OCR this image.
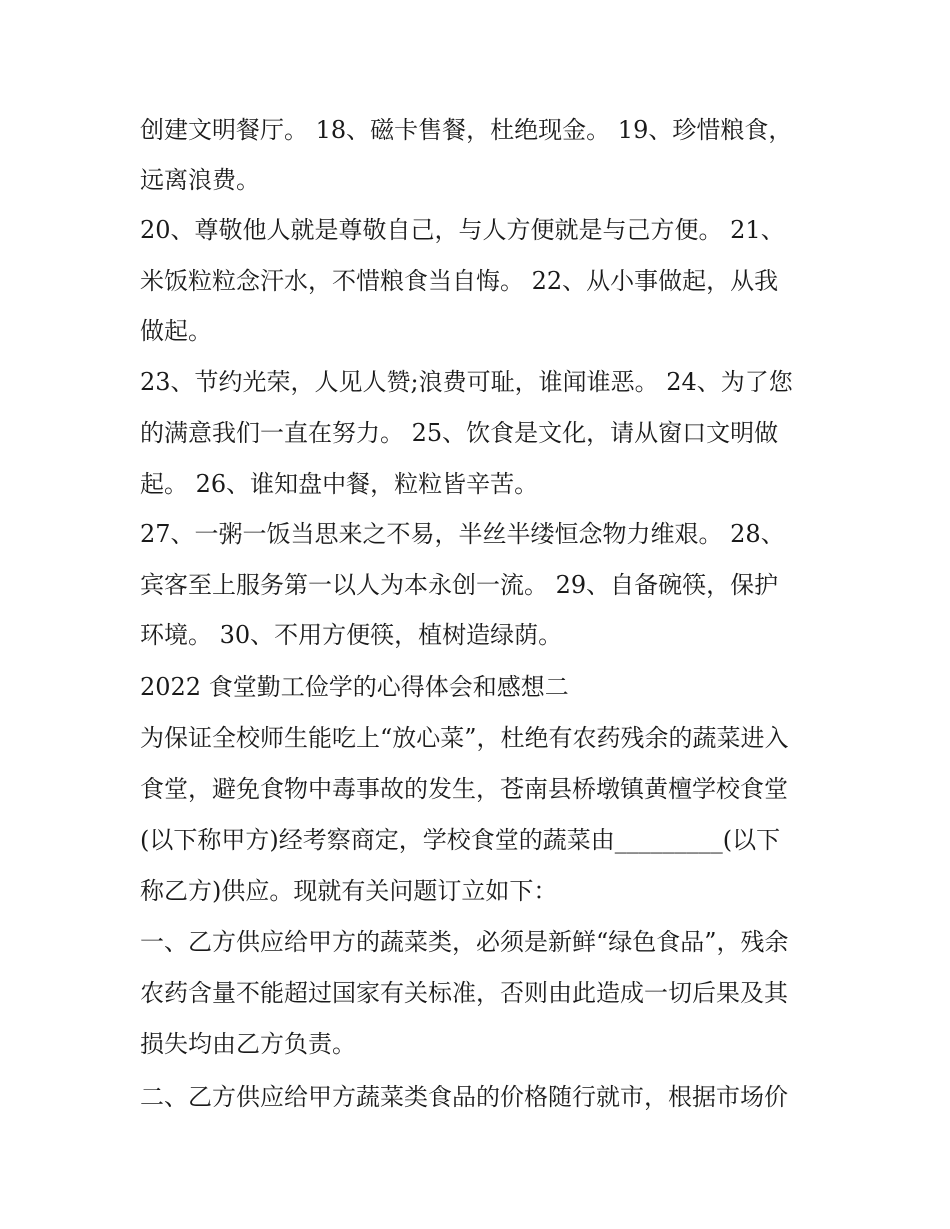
创建文明餐厅。 18、磁卡售餐，杜绝现金。 19、珍惜粮食，
远离浪费。
20、尊敬他人就是尊敬自己，与人方便就是与己方便。 21、
米饭粒粒念汗水，不惜粮食当自悔。 22、从小事做起，从我
做起。
23、节约光荣，人见人赞;浪费可耻，谁闻谁恶。 24、为了您
的满意我们一直在努力。 25、饮食是文化，请从窗口文明做
起。 26、谁知盘中餐，粒粒皆辛苦。
27、一粥一饭当思来之不易，半丝半缕恒念物力维艰。 28、
宾客至上服务第一以人为本永创一流。 29、自备碗筷，保护
环境。 30、不用方便筷，植树造绿荫。
2022 食堂勤工俭学的心得体会和感想二
为保证全校师生能吃上“放心菜”，杜绝有农药残余的蔬菜进入
食堂，避免食物中毒事故的发生，苍南县桥墩镇黄檀学校食堂
(以下称甲方)经考察商定，学校食堂的蔬菜由_________(以下
称乙方)供应。现就有关问题订立如下：
一、乙方供应给甲方的蔬菜类，必须是新鲜“绿色食品”，残余
农药含量不能超过国家有关标准，否则由此造成一切后果及其
损失均由乙方负责。
二、乙方供应给甲方蔬菜类食品的价格随行就市，根据市场价
